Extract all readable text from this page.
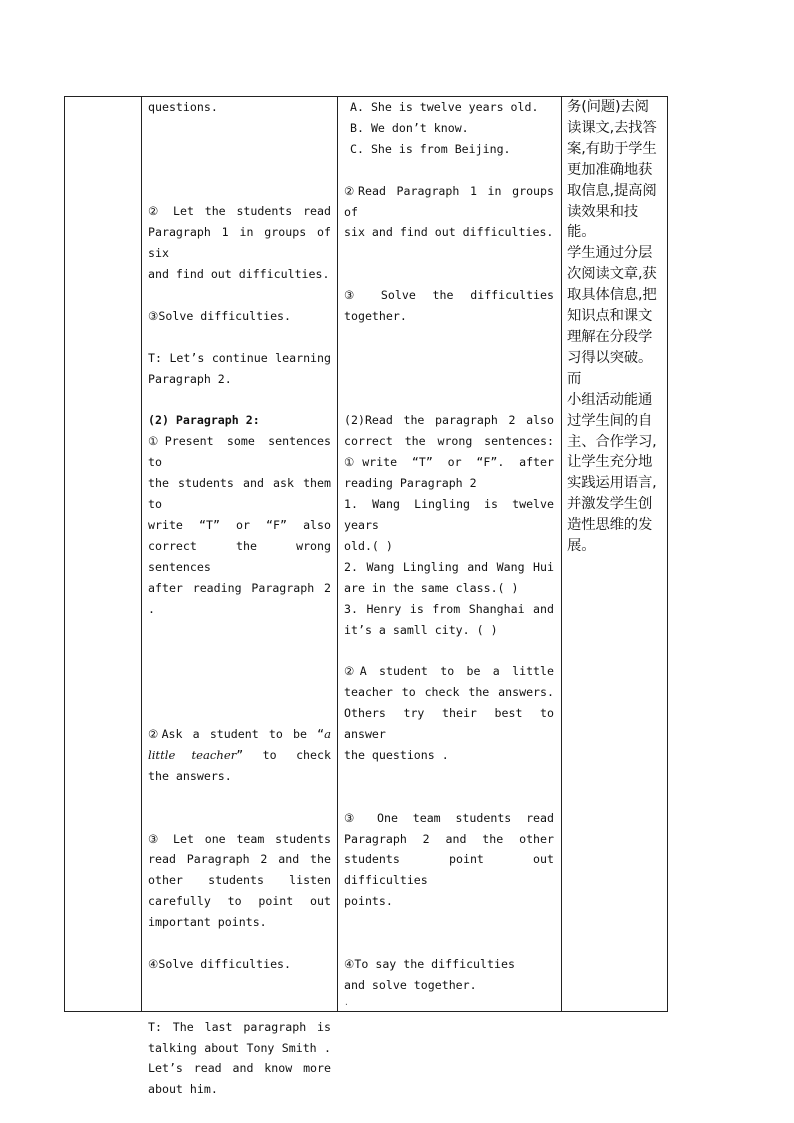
questions.

② Let the students read

Paragraph 1 in groups of six

and find out difficulties.

③Solve difficulties.

T: Let’s continue learning

Paragraph 2.

(2) Paragraph 2:

①Present some sentences to

the students and ask them to

write “T” or “F” also

correct the wrong sentences

after reading Paragraph 2 .

②Ask a student to be “a

little teacher” to check

the answers.

③ Let one team students

read Paragraph 2 and the

other students listen

carefully to point out

important points.

④Solve difficulties.

T: The last paragraph is

talking about Tony Smith .

Let’s read and know more

about him.

A. She is twelve years old.

B. We don’t know.

C. She is from Beijing.

②Read Paragraph 1 in groups of

six and find out difficulties.

③ Solve the difficulties

together.

(2)Read the paragraph 2 also

correct the wrong sentences:

①write “T” or “F”. after

reading Paragraph 2

1. Wang Lingling is twelve years

old.( )

2. Wang Lingling and Wang Hui

are in the same class.( )

3. Henry is from Shanghai and

it’s a samll city. ( )

②A student to be a little

teacher to check the answers.

Others try their best to answer

the questions .

③ One team students read

Paragraph 2 and the other

students point out difficulties

points.

④To say the difficulties

and solve together.

.

务(问题)去阅
读课文,去找答
案,有助于学生
更加准确地获
取信息,提高阅
读效果和技能。
学生通过分层
次阅读文章,获
取具体信息,把
知识点和课文
理解在分段学
习得以突破。而
小组活动能通
过学生间的自
主、合作学习,
让学生充分地
实践运用语言,
并激发学生创
造性思维的发
展。
